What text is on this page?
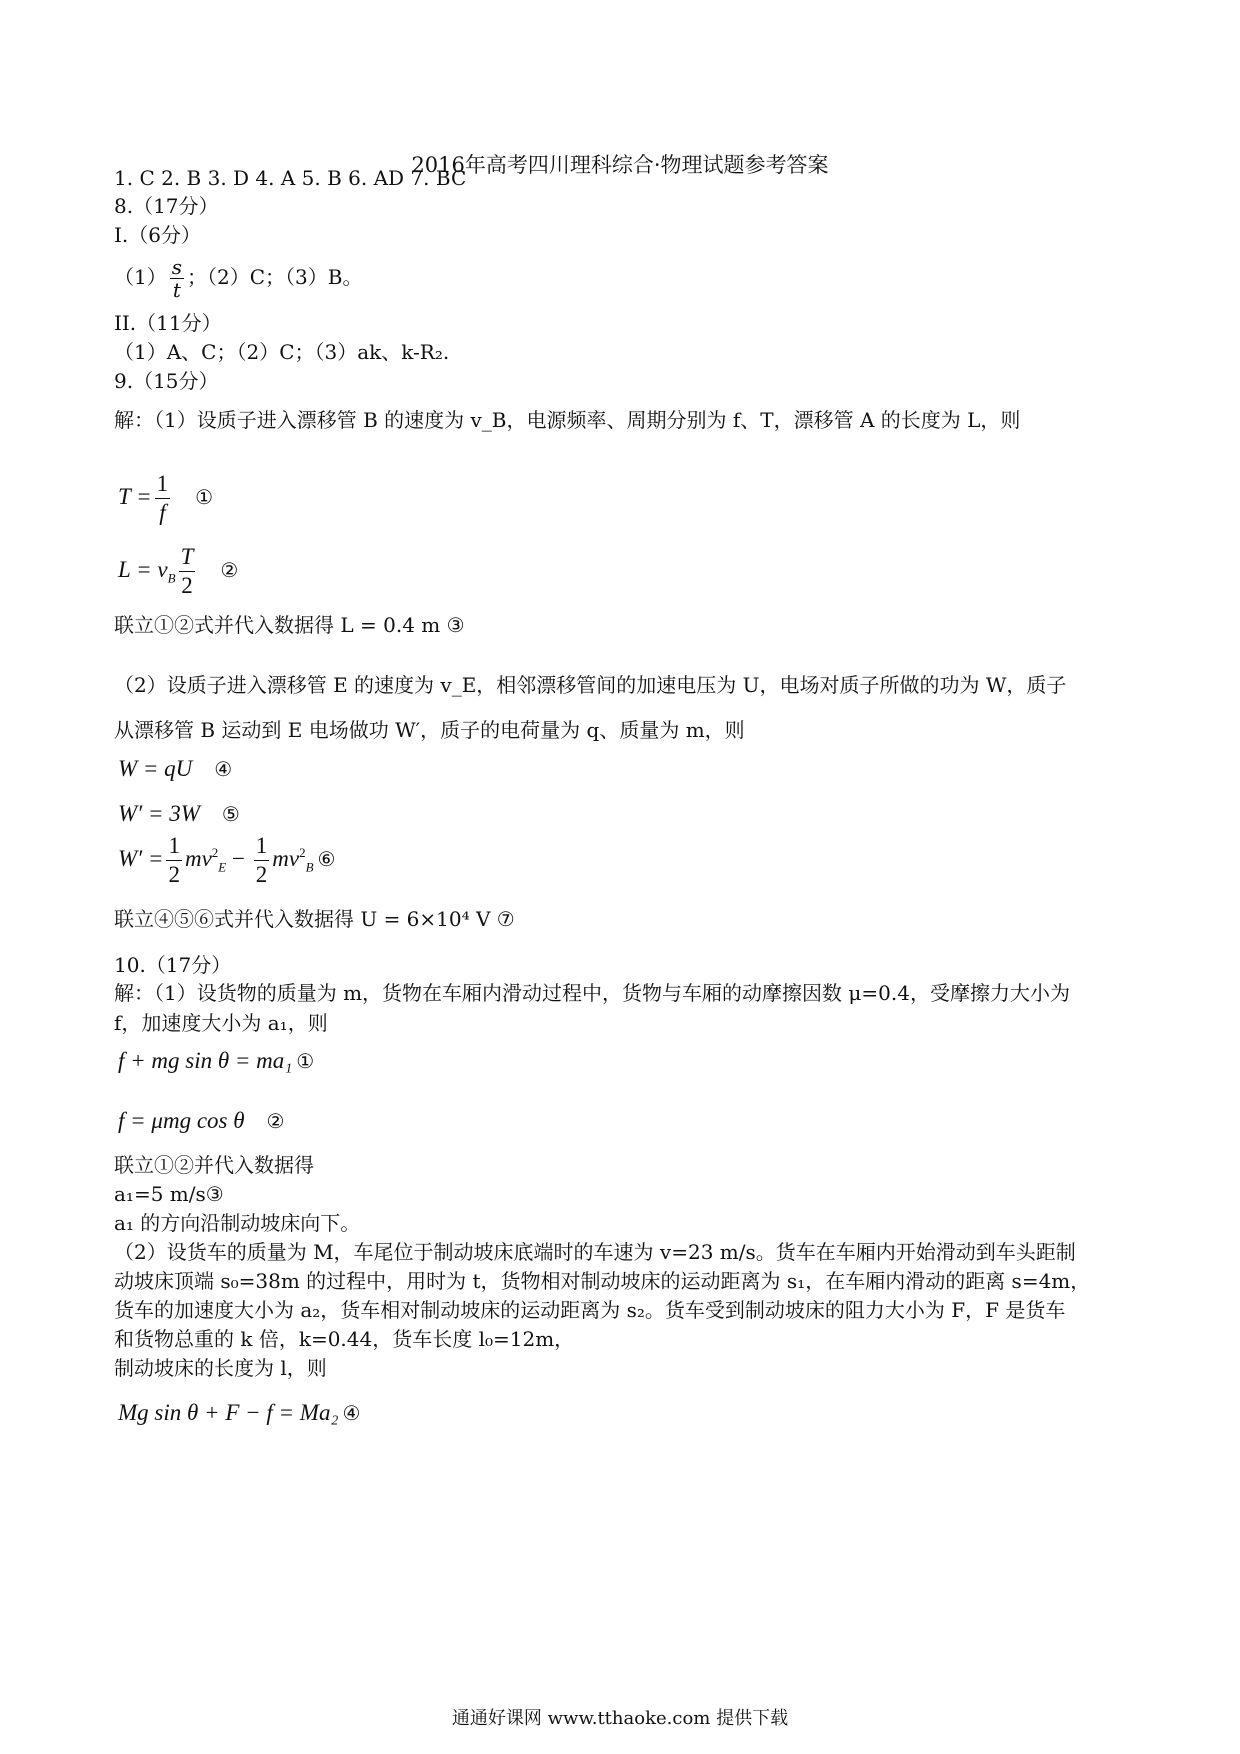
2016年高考四川理科综合·物理试题参考答案
1. C 2. B 3. D 4. A 5. B 6. AD 7. BC
8.（17分）
I.（6分）
$(1) \frac{s}{t}$ ；（2）C；（3）B。
II.（11分）
（1）A、C；（2）C；（3）ak、k-R₂.
9.（15分）
解：（1）设质子进入漂移管 B 的速度为 v_B，电源频率、周期分别为 f、T，漂移管 A 的长度为 L，则
$T = \frac{1}{f}$ ①
$L = v_B \frac{T}{2}$ ②
联立①②式并代入数据得 L = 0.4 m ③
（2）设质子进入漂移管 E 的速度为 v_E，相邻漂移管间的加速电压为 U，电场对质子所做的功为 W，质子
从漂移管 B 运动到 E 电场做功 W′，质子的电荷量为 q、质量为 m，则
W = qU ④
W′ = 3W ⑤
$W' = \frac{1}{2} mv^2_E - \frac{1}{2} mv^2_B$ ⑥
联立④⑤⑥式并代入数据得 U = 6×10⁴ V ⑦
10.（17分）
解：（1）设货物的质量为 m，货物在车厢内滑动过程中，货物与车厢的动摩擦因数 μ=0.4，受摩擦力大小为
f，加速度大小为 a₁，则
f + mg sin θ = ma₁ ①
f = μmg cos θ ②
联立①②并代入数据得
a₁=5 m/s③
a₁ 的方向沿制动坡床向下。
（2）设货车的质量为 M，车尾位于制动坡床底端时的车速为 v=23 m/s。货车在车厢内开始滑动到车头距制
动坡床顶端 s₀=38m 的过程中，用时为 t，货物相对制动坡床的运动距离为 s₁，在车厢内滑动的距离 s=4m，
货车的加速度大小为 a₂，货车相对制动坡床的运动距离为 s₂。货车受到制动坡床的阻力大小为 F，F 是货车
和货物总重的 k 倍，k=0.44，货车长度 l₀=12m，
制动坡床的长度为 l，则
Mg sin θ + F − f = Ma₂ ④
通通好课网 www.tthaoke.com 提供下载
